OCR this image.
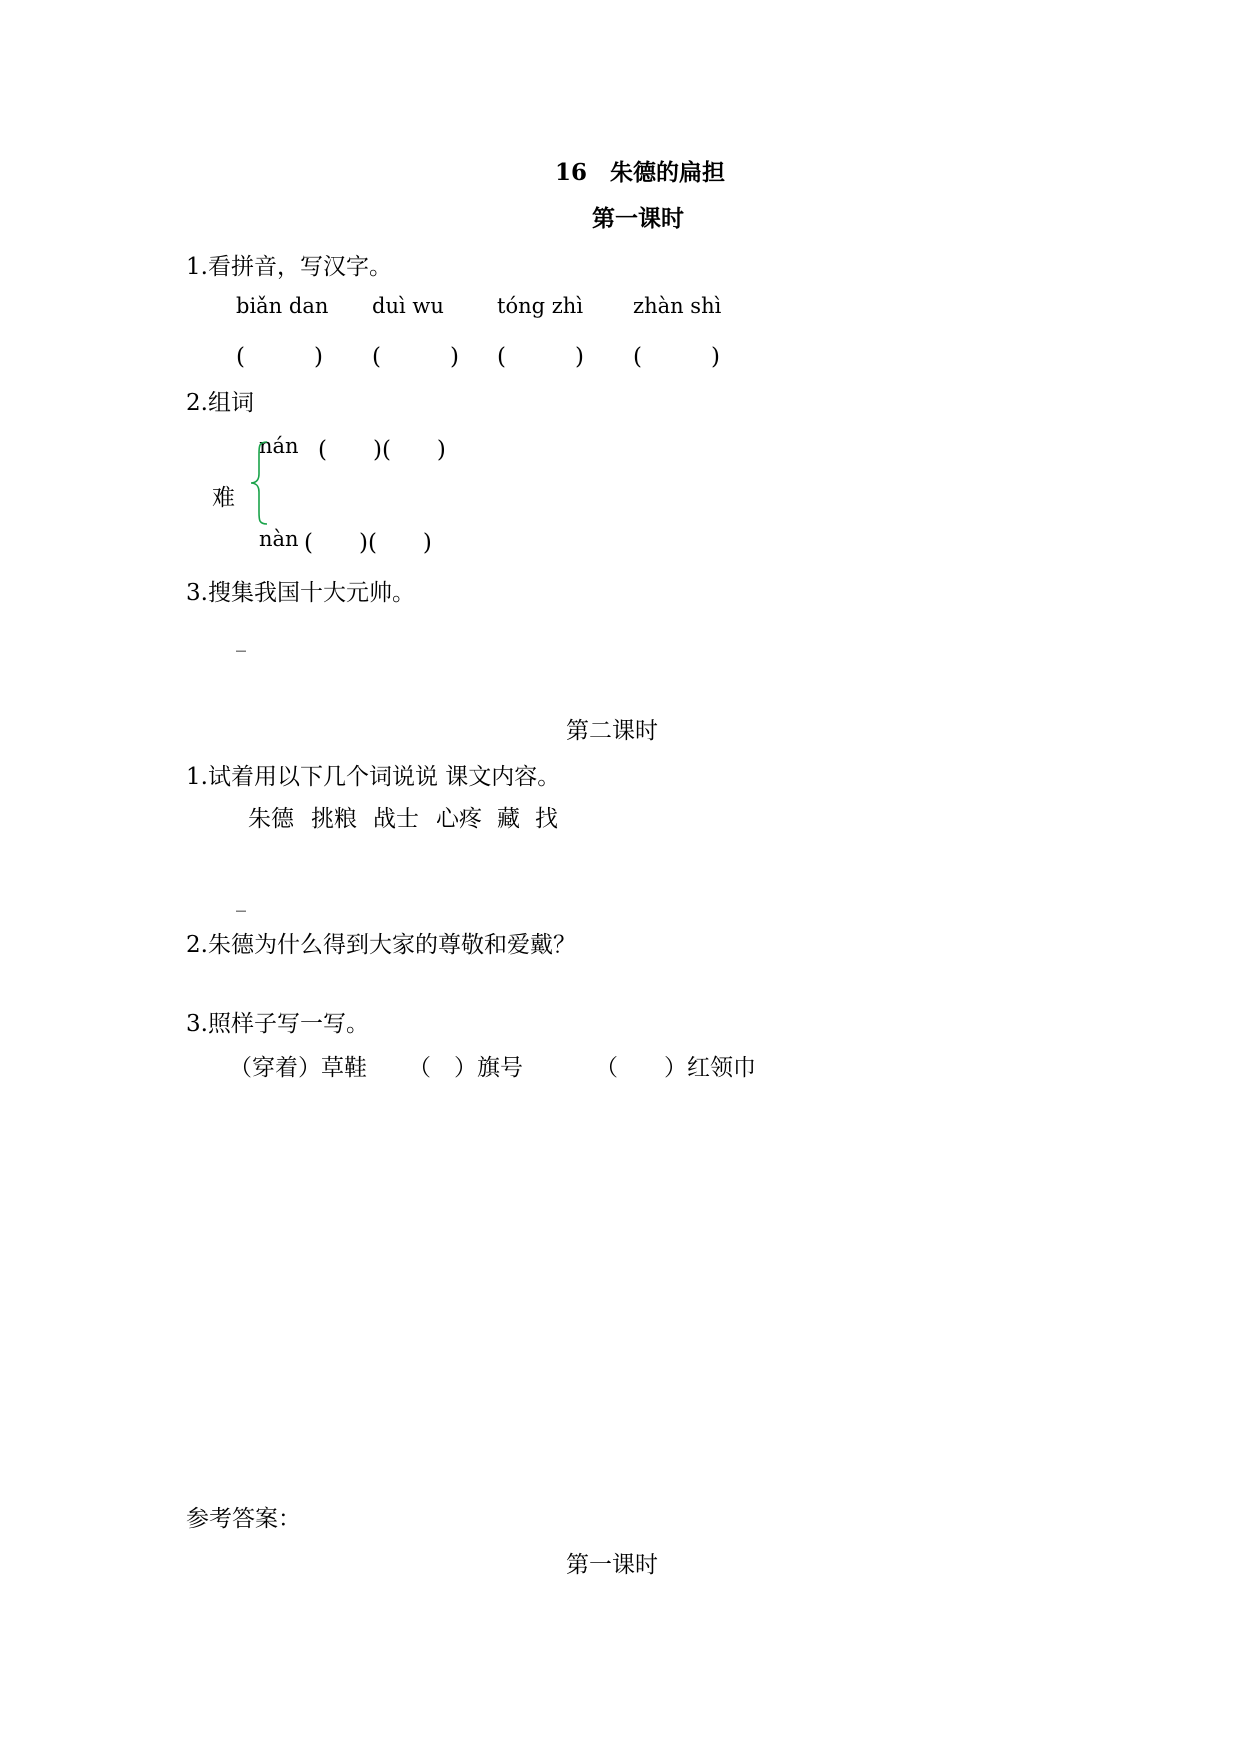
16　朱德的扁担
第一课时
1.看拼音，写汉字。
biǎn dan duì wu	tóng zhì zhàn shì
(　　　) (　　　) (　　　) (　　　)
2.组词
nán (　　)(　　)
难
nàn (　　)(　　)
3.搜集我国十大元帅。
_
第二课时
1.试着用以下几个词说说 课文内容。
朱德 挑粮 战士 心疼 藏 找
_
2.朱德为什么得到大家的尊敬和爱戴？
3.照样子写一写。
（穿着）草鞋 （　）旗号	（　　）红领巾
参考答案：
第一课时
